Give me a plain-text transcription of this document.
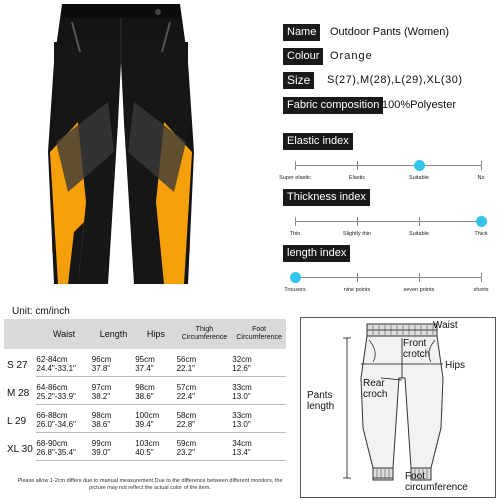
Name	Outdoor Pants (Women)
Colour Orange
Size	S(27),M(28),L(29),XL(30)
Fabric composition 100%Polyester
Elastic index
Super elastic	Elastic	Suitable	No
Thickness index
Thin	Slightly thin	Suitable	Thick
length index
Trousers	nine points	seven points	shorts
Unit: cm/inch
	Waist	Length	Hips	Thigh Circumference	Foot Circumference
S 27	62-84cm	96cm	95cm	56cm	32cm
	24.4"-33.1"	37.8"	37.4"	22.1"	12.6"
M 28	64-86cm	97cm	98cm	57cm	33cm
	25.2"-33.9"	38.2"	38.6"	22.4"	13.0"
L 29	66-88cm	98cm	100cm	58cm	33cm
	26.0"-34.6"	38.6"	39.4"	22.8"	13.0"
XL 30	68-90cm	99cm	103cm	59cm	34cm
	26.8"-35.4"	39.0"	40.5"	23.2"	13.4"
Please allow 1-2cm differs due to manual measurement.Due to the difference between different monitors, the picture may not reflect the actual color of the item.
Waist
Front crotch
Hips
Rear croch
Pants length
Foot circumference
